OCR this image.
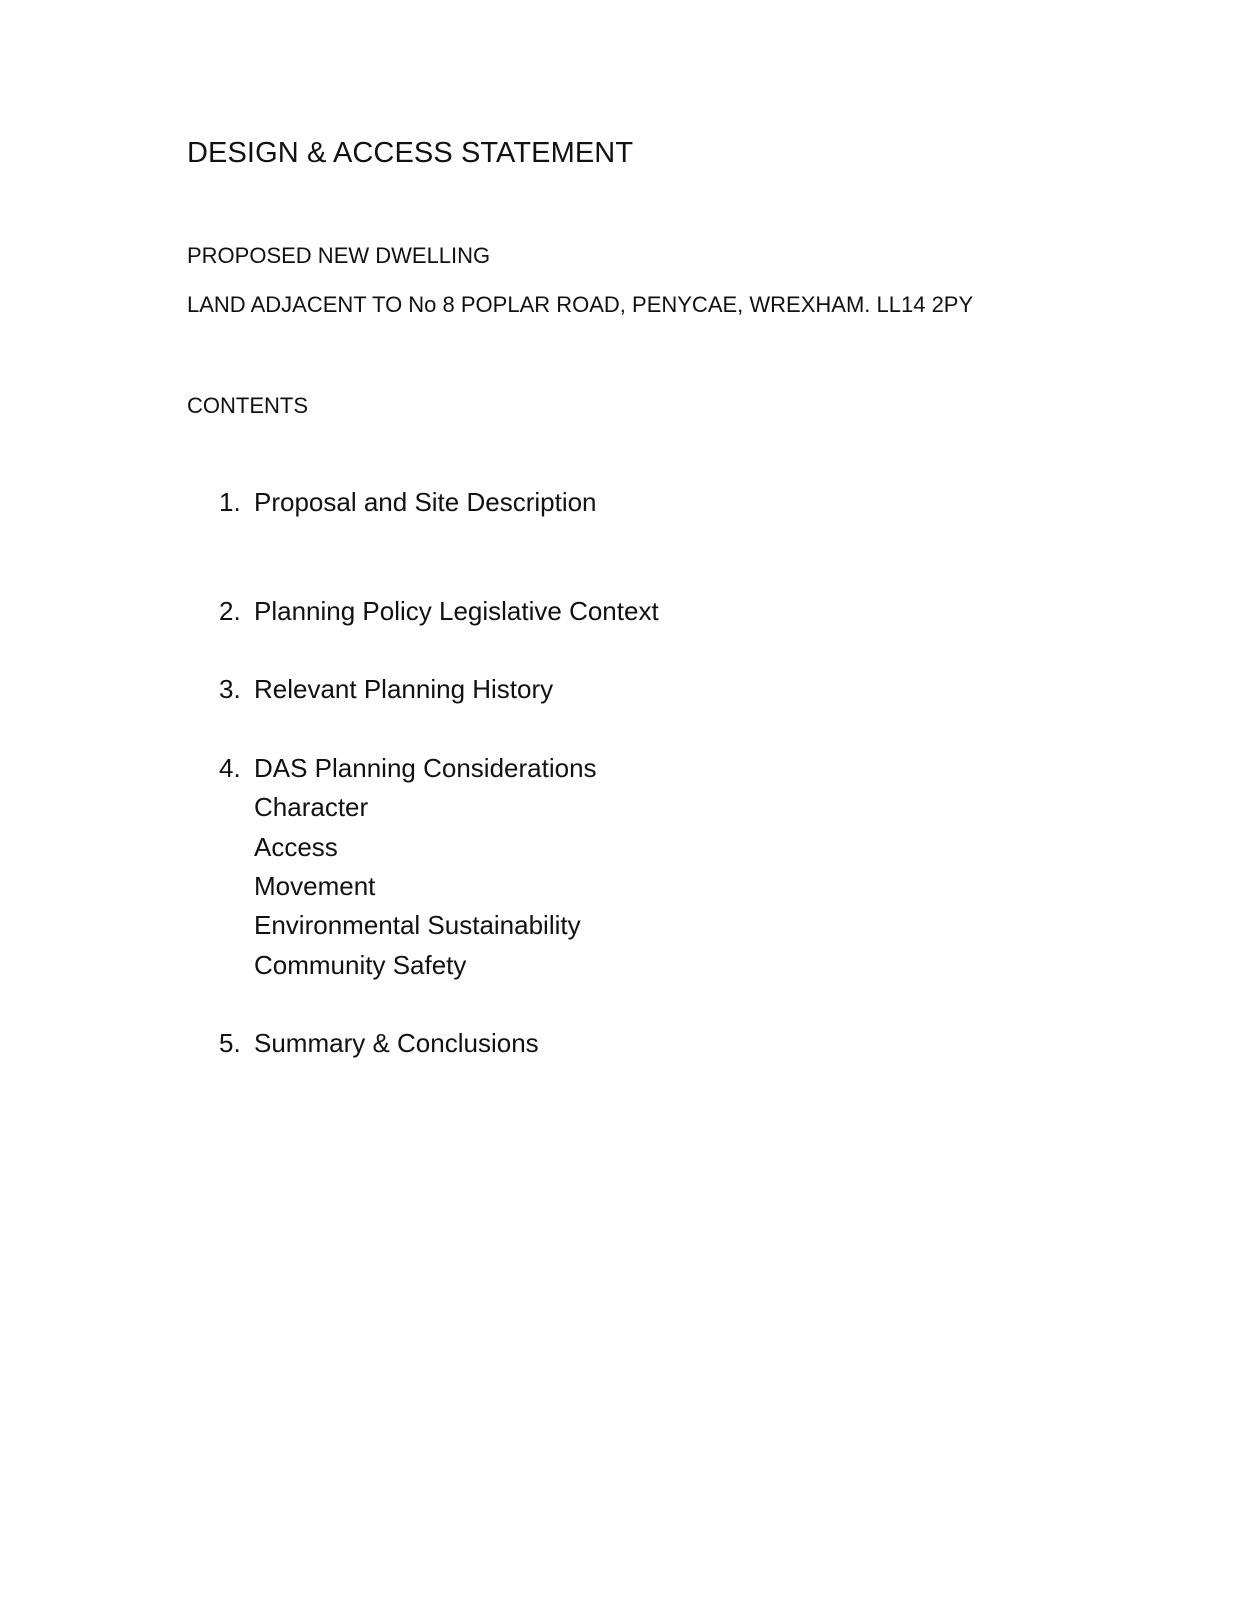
DESIGN & ACCESS STATEMENT
PROPOSED NEW DWELLING
LAND ADJACENT TO No 8 POPLAR ROAD, PENYCAE, WREXHAM. LL14 2PY
CONTENTS
1. Proposal and Site Description
2. Planning Policy Legislative Context
3. Relevant Planning History
4. DAS Planning Considerations
Character
Access
Movement
Environmental Sustainability
Community Safety
5. Summary & Conclusions
